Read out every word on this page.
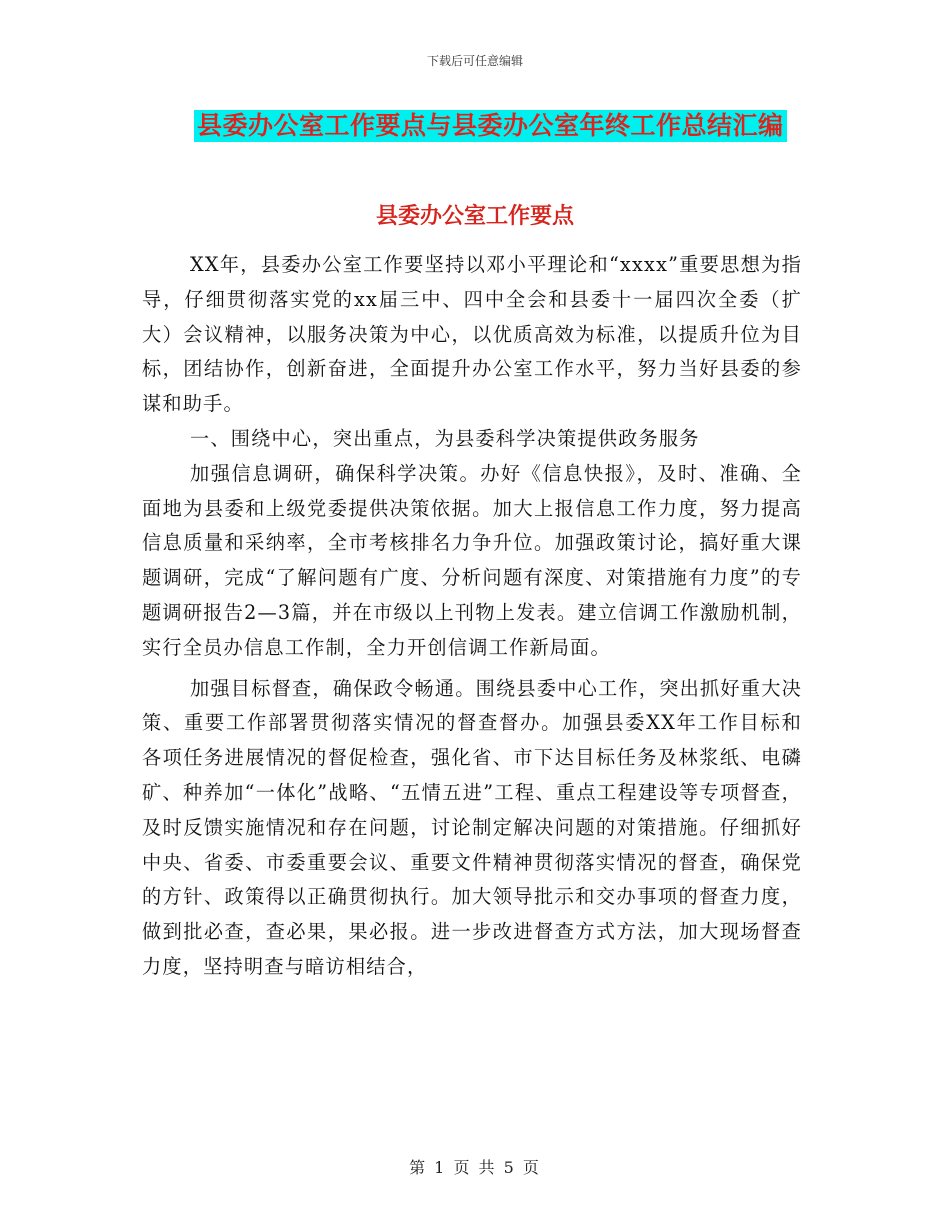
下载后可任意编辑
县委办公室工作要点与县委办公室年终工作总结汇编
县委办公室工作要点

XX年，县委办公室工作要坚持以邓小平理论和“xxxx”重要思想为指导，仔细贯彻落实党的xx届三中、四中全会和县委十一届四次全委（扩大）会议精神，以服务决策为中心，以优质高效为标准，以提质升位为目标，团结协作，创新奋进，全面提升办公室工作水平，努力当好县委的参谋和助手。

一、围绕中心，突出重点，为县委科学决策提供政务服务

加强信息调研，确保科学决策。办好《信息快报》，及时、准确、全面地为县委和上级党委提供决策依据。加大上报信息工作力度，努力提高信息质量和采纳率，全市考核排名力争升位。加强政策讨论，搞好重大课题调研，完成“了解问题有广度、分析问题有深度、对策措施有力度”的专题调研报告2—3篇，并在市级以上刊物上发表。建立信调工作激励机制，实行全员办信息工作制，全力开创信调工作新局面。

加强目标督查，确保政令畅通。围绕县委中心工作，突出抓好重大决策、重要工作部署贯彻落实情况的督查督办。加强县委XX年工作目标和各项任务进展情况的督促检查，强化省、市下达目标任务及林浆纸、电磷矿、种养加“一体化”战略、“五情五进”工程、重点工程建设等专项督查，及时反馈实施情况和存在问题，讨论制定解决问题的对策措施。仔细抓好中央、省委、市委重要会议、重要文件精神贯彻落实情况的督查，确保党的方针、政策得以正确贯彻执行。加大领导批示和交办事项的督查力度，做到批必查，查必果，果必报。进一步改进督查方式方法，加大现场督查力度，坚持明查与暗访相结合，

第 1 页 共 5 页
